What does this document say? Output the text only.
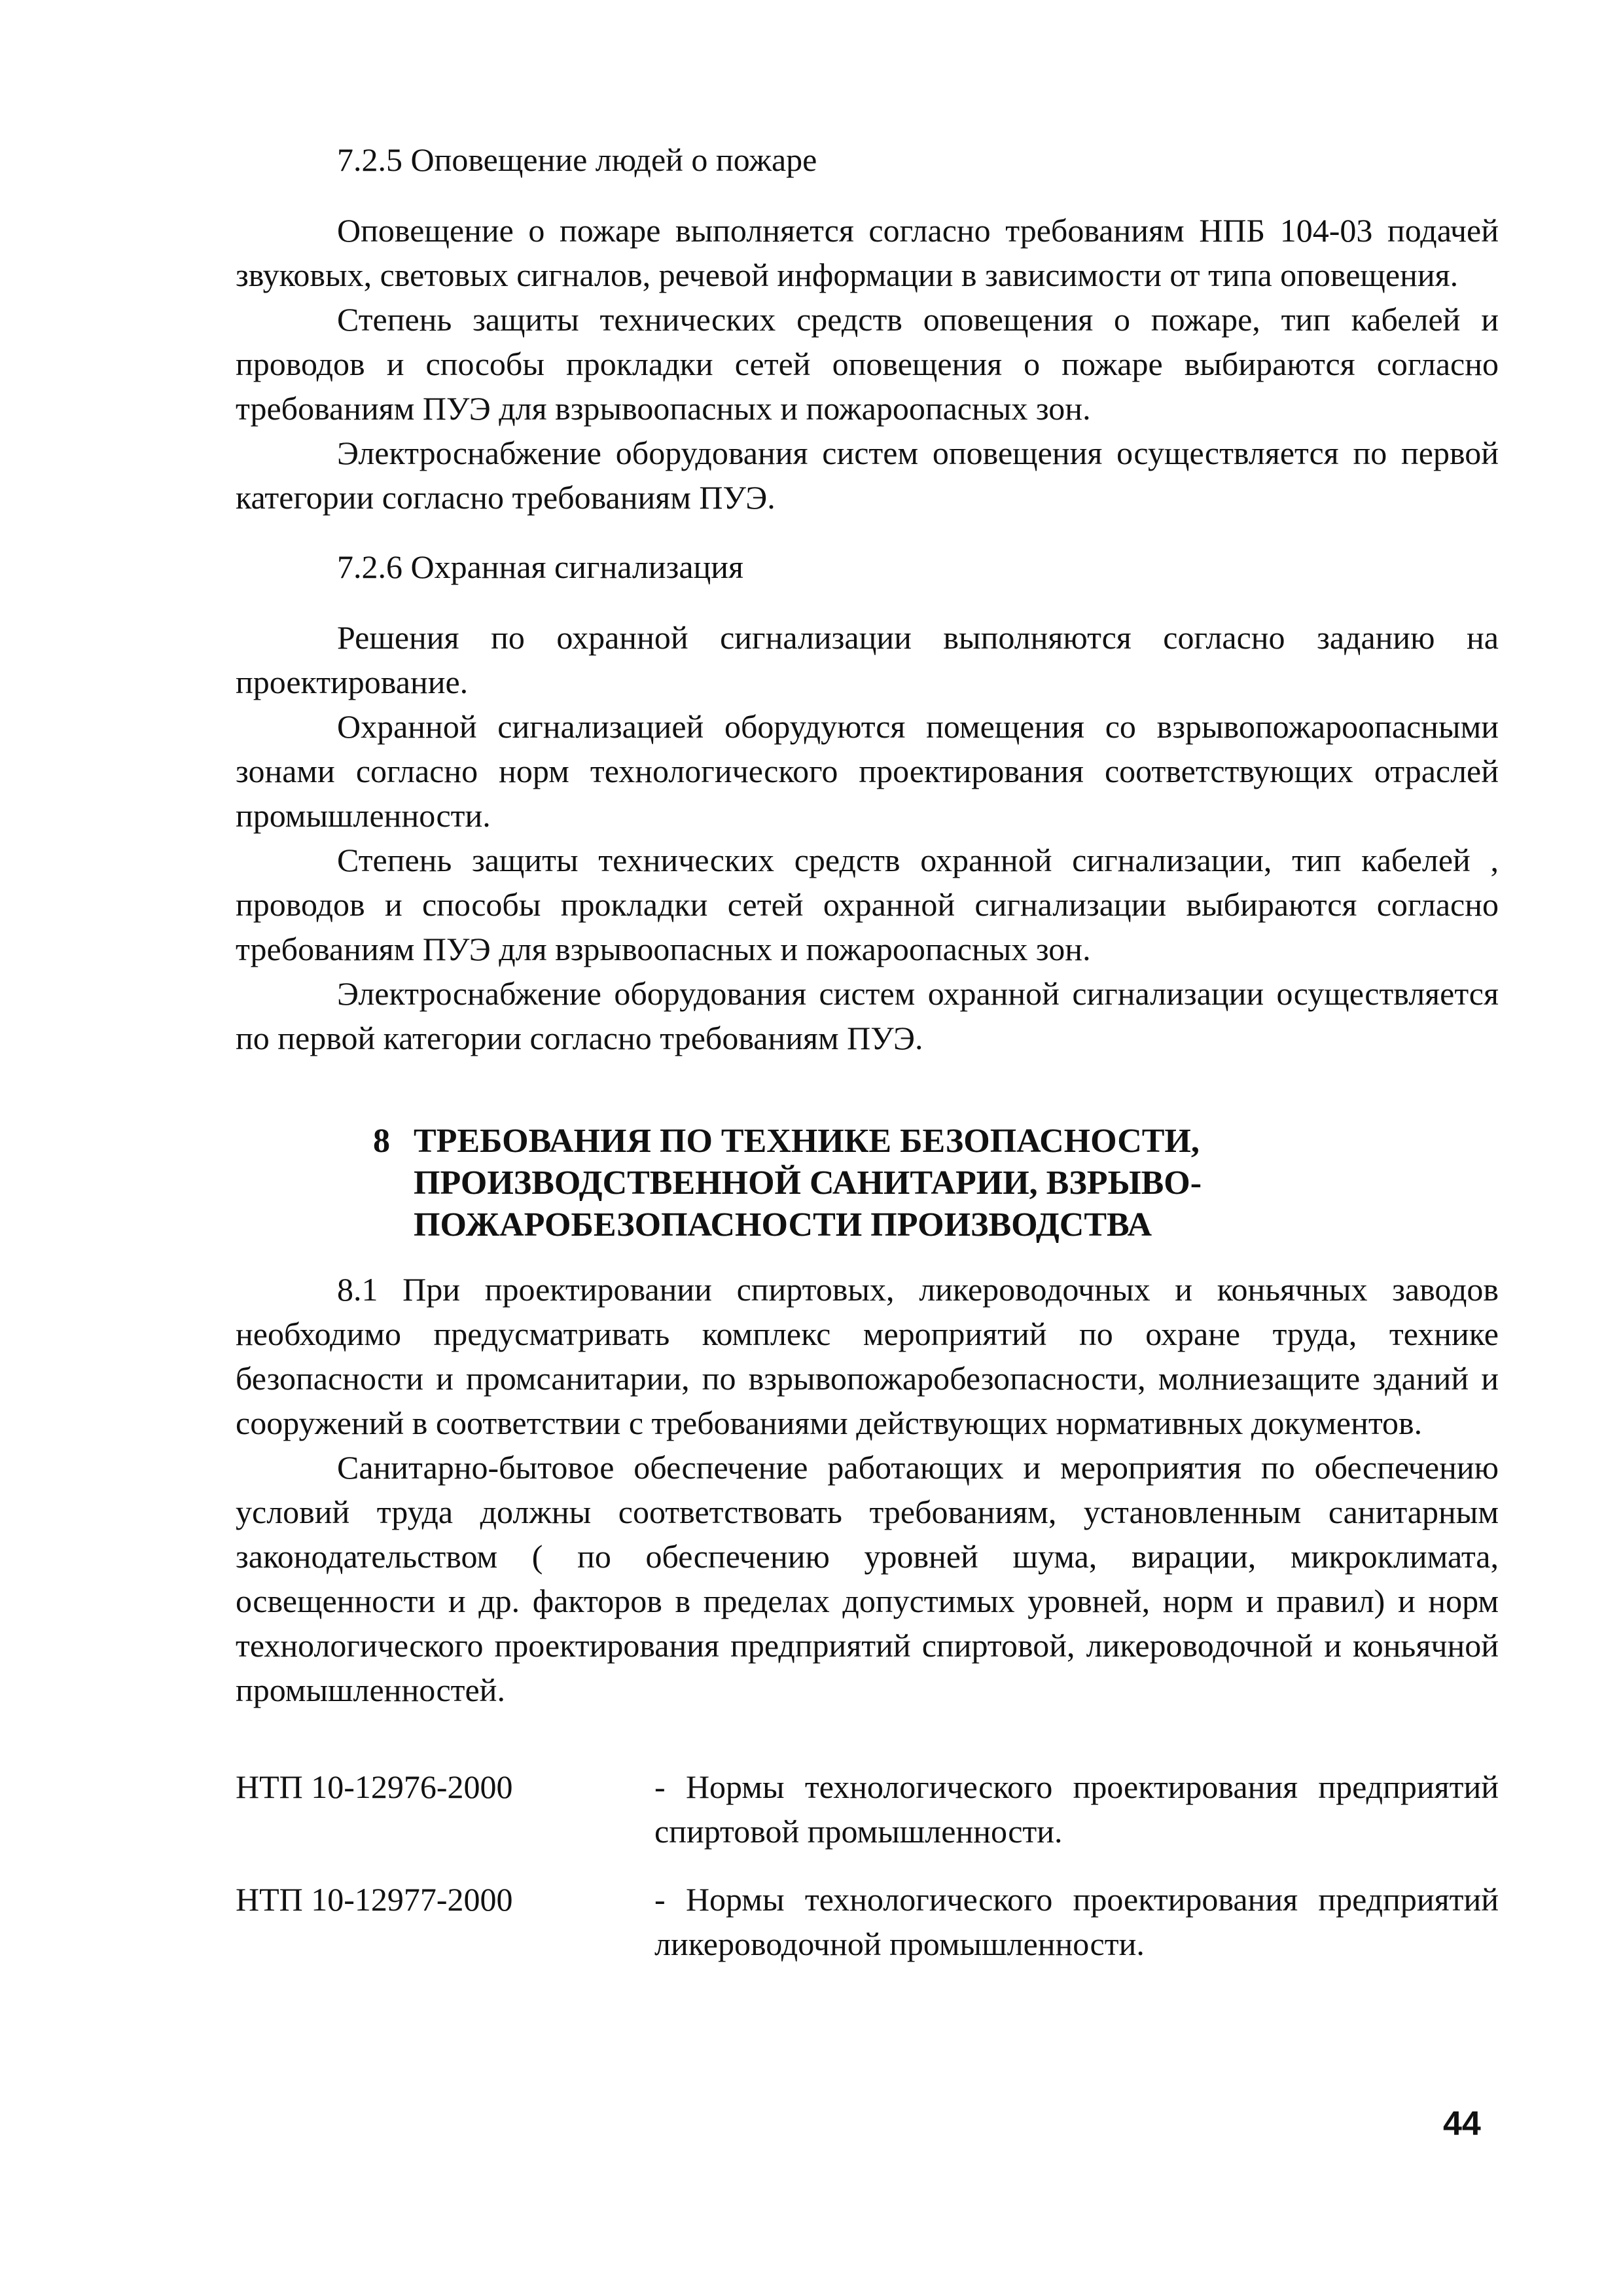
7.2.5 Оповещение людей о пожаре

Оповещение о пожаре выполняется согласно требованиям НПБ 104-03 подачей звуковых, световых сигналов, речевой информации в зависимости от типа оповещения.

Степень защиты технических средств оповещения о пожаре, тип кабелей и проводов и способы прокладки сетей оповещения о пожаре выбираются согласно требованиям ПУЭ для взрывоопасных и пожароопасных зон.

Электроснабжение оборудования систем оповещения осуществляется по первой категории согласно требованиям ПУЭ.

7.2.6 Охранная сигнализация

Решения по охранной сигнализации выполняются согласно заданию на проектирование.

Охранной сигнализацией оборудуются помещения со взрывопожароопасными зонами согласно норм технологического проектирования соответствующих отраслей промышленности.

Степень защиты технических средств охранной сигнализации, тип кабелей , проводов и способы прокладки сетей охранной сигнализации выбираются согласно требованиям ПУЭ для взрывоопасных и пожароопасных зон.

Электроснабжение оборудования систем охранной сигнализации осуществляется по первой категории согласно требованиям ПУЭ.

8 ТРЕБОВАНИЯ ПО ТЕХНИКЕ БЕЗОПАСНОСТИ,
ПРОИЗВОДСТВЕННОЙ САНИТАРИИ, ВЗРЫВО-
ПОЖАРОБЕЗОПАСНОСТИ ПРОИЗВОДСТВА

8.1 При проектировании спиртовых, ликероводочных и коньячных заводов необходимо предусматривать комплекс мероприятий по охране труда, технике безопасности и промсанитарии, по взрывопожаробезопасности, молниезащите зданий и сооружений в соответствии с требованиями действующих нормативных документов.

Санитарно-бытовое обеспечение работающих и мероприятия по обеспечению условий труда должны соответствовать требованиям, установленным санитарным законодательством ( по обеспечению уровней шума, вирации, микроклимата, освещенности и др. факторов в пределах допустимых уровней, норм и правил) и норм технологического проектирования предприятий спиртовой, ликероводочной и коньячной промышленностей.

НТП 10-12976-2000	- Нормы технологического проектирования предприятий спиртовой промышленности.
НТП 10-12977-2000	- Нормы технологического проектирования предприятий ликероводочной промышленности.
44
